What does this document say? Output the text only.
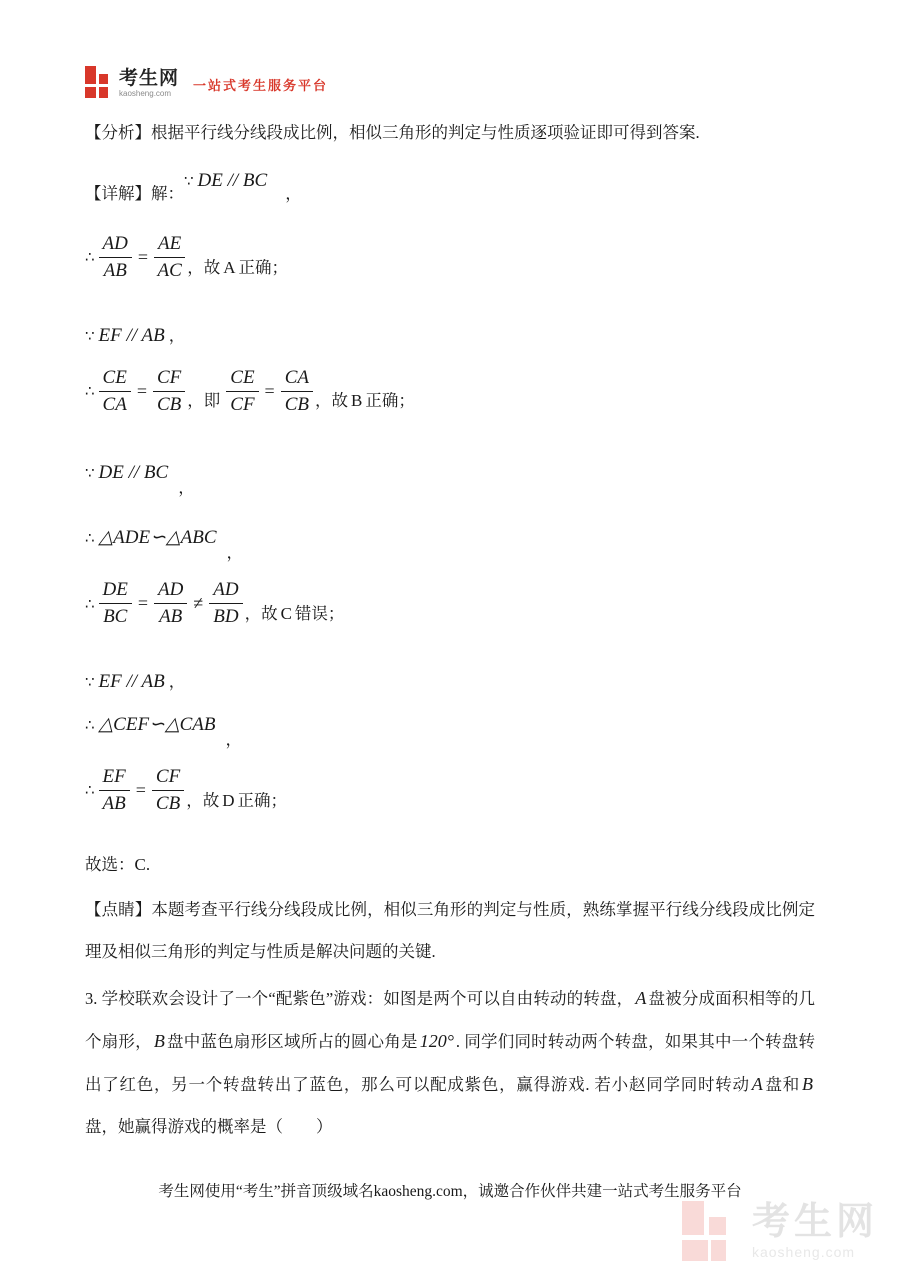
考生网
kaosheng.com
一站式考生服务平台

【分析】根据平行线分线段成比例，相似三角形的判定与性质逐项验证即可得到答案.

【详解】解：∵ DE // BC，
∴ $\frac{AD}{AB} = \frac{AE}{AC}$ ，故 A 正确；
∵ EF // AB ，
∴ $\frac{CE}{CA} = \frac{CF}{CB}$ ，即 $\frac{CE}{CF} = \frac{CA}{CB}$ ，故 B 正确；
∵ DE // BC，
∴ △ADE∽△ABC，
∴ $\frac{DE}{BC} = \frac{AD}{AB} \ne \frac{AD}{BD}$ ，故 C 错误；
∵ EF // AB ，
∴ △CEF∽△CAB，
∴ $\frac{EF}{AB} = \frac{CF}{CB}$ ，故 D 正确；
故选：C.

【点睛】本题考查平行线分线段成比例，相似三角形的判定与性质，熟练掌握平行线分线段成比例定理及相似三角形的判定与性质是解决问题的关键.

3. 学校联欢会设计了一个“配紫色”游戏：如图是两个可以自由转动的转盘， A 盘被分成面积相等的几个扇形， B 盘中蓝色扇形区域所占的圆心角是 120° . 同学们同时转动两个转盘，如果其中一个转盘转出了红色，另一个转盘转出了蓝色，那么可以配成紫色，赢得游戏. 若小赵同学同时转动 A 盘和 B盘，她赢得游戏的概率是（　　）

考生网使用“考生”拼音顶级域名kaosheng.com，诚邀合作伙伴共建一站式考生服务平台
考生网
kaosheng.com
